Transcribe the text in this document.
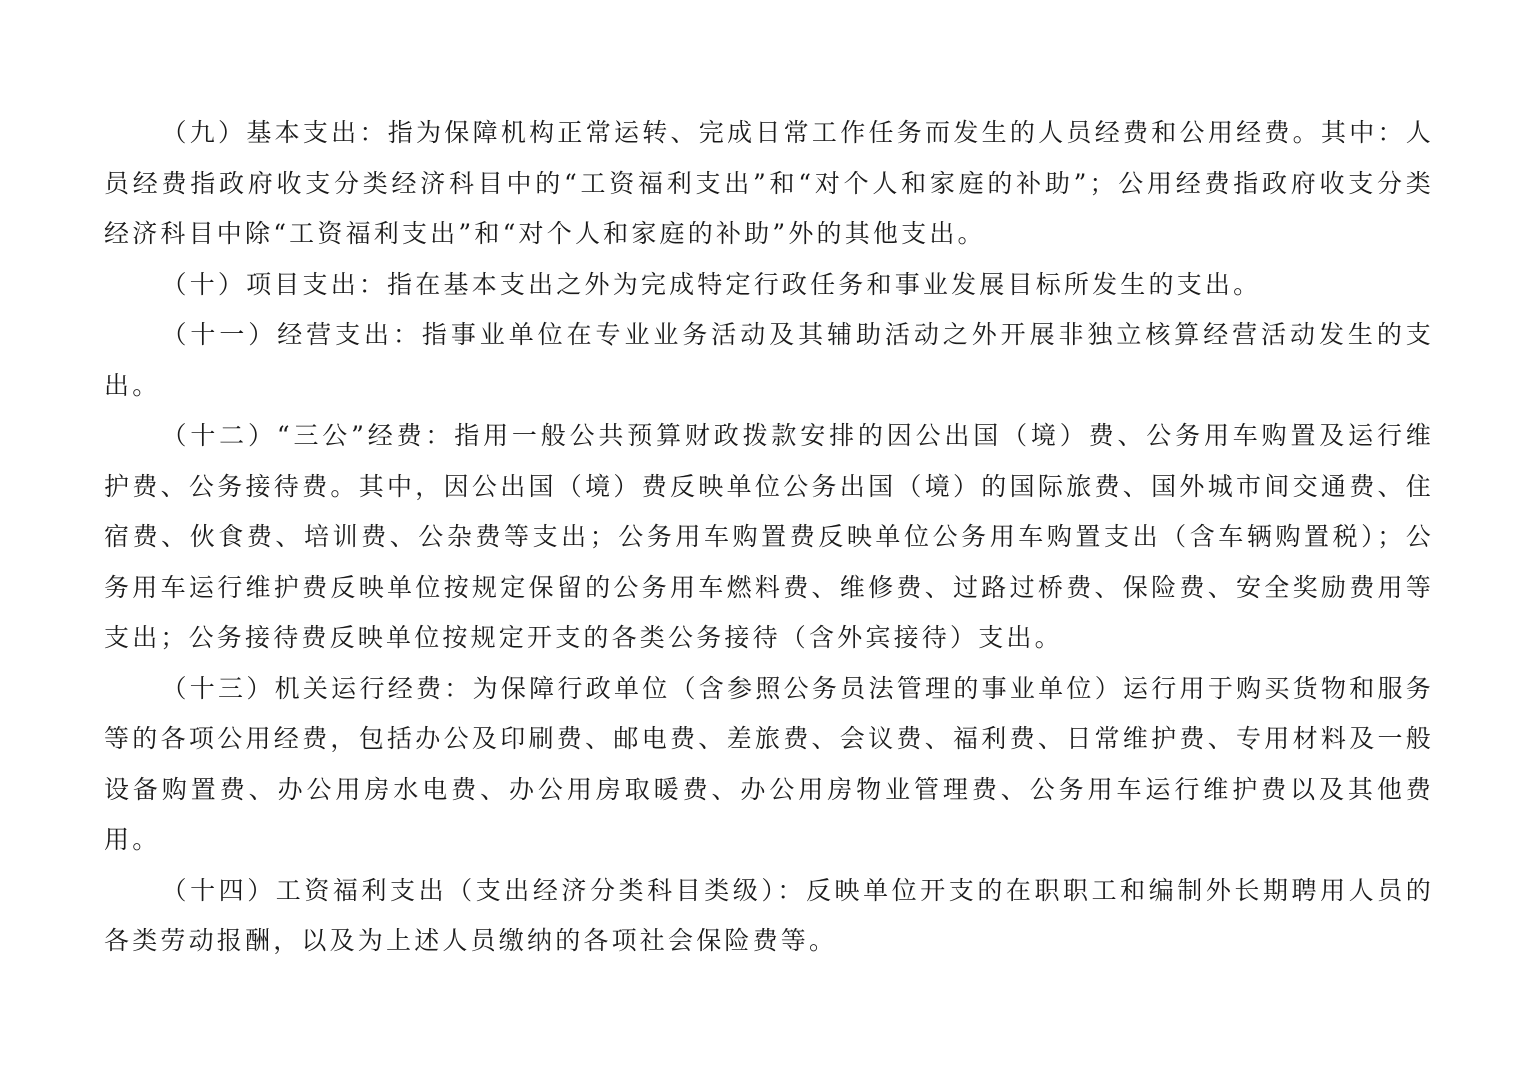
（九）基本支出：指为保障机构正常运转、完成日常工作任务而发生的人员经费和公用经费。其中：人员经费指政府收支分类经济科目中的“工资福利支出”和“对个人和家庭的补助”；公用经费指政府收支分类经济科目中除“工资福利支出”和“对个人和家庭的补助”外的其他支出。

（十）项目支出：指在基本支出之外为完成特定行政任务和事业发展目标所发生的支出。

（十一）经营支出：指事业单位在专业业务活动及其辅助活动之外开展非独立核算经营活动发生的支出。

（十二）“三公”经费：指用一般公共预算财政拨款安排的因公出国（境）费、公务用车购置及运行维护费、公务接待费。其中，因公出国（境）费反映单位公务出国（境）的国际旅费、国外城市间交通费、住宿费、伙食费、培训费、公杂费等支出；公务用车购置费反映单位公务用车购置支出（含车辆购置税）；公务用车运行维护费反映单位按规定保留的公务用车燃料费、维修费、过路过桥费、保险费、安全奖励费用等支出；公务接待费反映单位按规定开支的各类公务接待（含外宾接待）支出。

（十三）机关运行经费：为保障行政单位（含参照公务员法管理的事业单位）运行用于购买货物和服务等的各项公用经费，包括办公及印刷费、邮电费、差旅费、会议费、福利费、日常维护费、专用材料及一般设备购置费、办公用房水电费、办公用房取暖费、办公用房物业管理费、公务用车运行维护费以及其他费用。

（十四）工资福利支出（支出经济分类科目类级）：反映单位开支的在职职工和编制外长期聘用人员的各类劳动报酬，以及为上述人员缴纳的各项社会保险费等。
